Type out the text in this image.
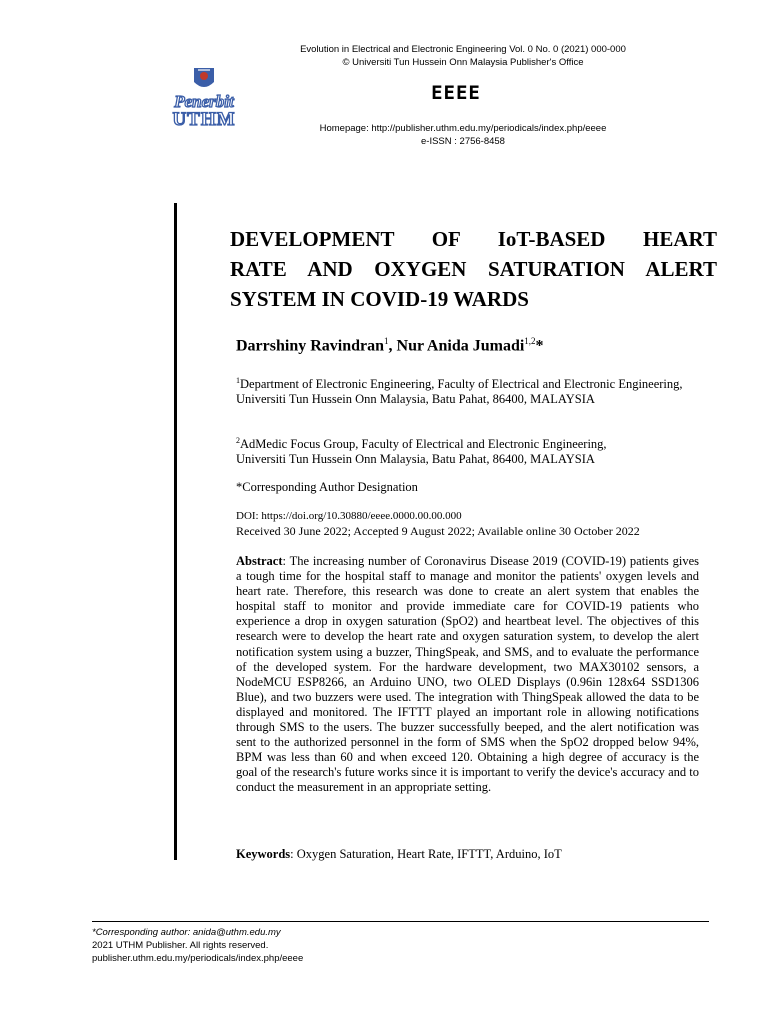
Evolution in Electrical and Electronic Engineering Vol. 0 No. 0 (2021) 000-000
© Universiti Tun Hussein Onn Malaysia Publisher's Office
Penerbit
UTHM
EEEE
Homepage: http://publisher.uthm.edu.my/periodicals/index.php/eeee
e-ISSN : 2756-8458
DEVELOPMENT OF IoT-BASED HEART
RATE AND OXYGEN SATURATION ALERT
SYSTEM IN COVID-19 WARDS
Darrshiny Ravindran$^1$, Nur Anida Jumadi$^{1,2}$*
$^1$Department of Electronic Engineering, Faculty of Electrical and Electronic Engineering,
Universiti Tun Hussein Onn Malaysia, Batu Pahat, 86400, MALAYSIA
$^2$AdMedic Focus Group, Faculty of Electrical and Electronic Engineering,
Universiti Tun Hussein Onn Malaysia, Batu Pahat, 86400, MALAYSIA
*Corresponding Author Designation
DOI: https://doi.org/10.30880/eeee.0000.00.00.000
Received 30 June 2022; Accepted 9 August 2022; Available online 30 October 2022
Abstract: The increasing number of Coronavirus Disease 2019 (COVID-19) patients gives a tough time for the hospital staff to manage and monitor the patients' oxygen levels and heart rate. Therefore, this research was done to create an alert system that enables the hospital staff to monitor and provide immediate care for COVID-19 patients who experience a drop in oxygen saturation (SpO2) and heartbeat level. The objectives of this research were to develop the heart rate and oxygen saturation system, to develop the alert notification system using a buzzer, ThingSpeak, and SMS, and to evaluate the performance of the developed system. For the hardware development, two MAX30102 sensors, a NodeMCU ESP8266, an Arduino UNO, two OLED Displays (0.96in 128x64 SSD1306 Blue), and two buzzers were used. The integration with ThingSpeak allowed the data to be displayed and monitored. The IFTTT played an important role in allowing notifications through SMS to the users. The buzzer successfully beeped, and the alert notification was sent to the authorized personnel in the form of SMS when the SpO2 dropped below 94%, BPM was less than 60 and when exceed 120. Obtaining a high degree of accuracy is the goal of the research's future works since it is important to verify the device's accuracy and to conduct the measurement in an appropriate setting.
Keywords: Oxygen Saturation, Heart Rate, IFTTT, Arduino, IoT
*Corresponding author: anida@uthm.edu.my
2021 UTHM Publisher. All rights reserved.
publisher.uthm.edu.my/periodicals/index.php/eeee
